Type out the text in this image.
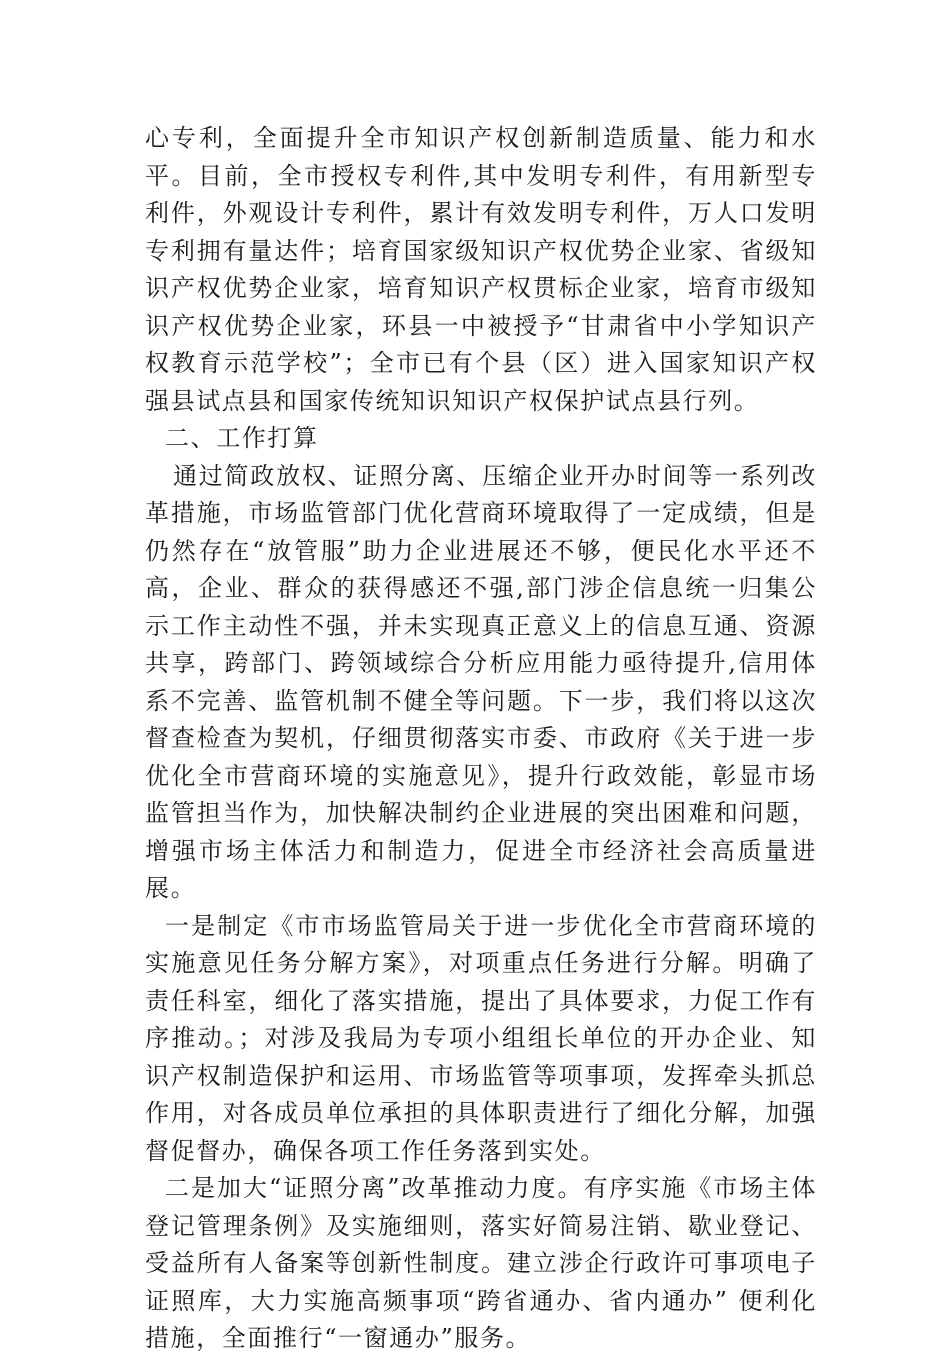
心专利，全面提升全市知识产权创新制造质量、能力和水平。目前，全市授权专利件,其中发明专利件，有用新型专利件，外观设计专利件，累计有效发明专利件，万人口发明专利拥有量达件；培育国家级知识产权优势企业家、省级知识产权优势企业家，培育知识产权贯标企业家，培育市级知识产权优势企业家，环县一中被授予“甘肃省中小学知识产权教育示范学校”；全市已有个县（区）进入国家知识产权强县试点县和国家传统知识知识产权保护试点县行列。

二、工作打算

通过简政放权、证照分离、压缩企业开办时间等一系列改革措施，市场监管部门优化营商环境取得了一定成绩，但是仍然存在“放管服”助力企业进展还不够，便民化水平还不高，企业、群众的获得感还不强,部门涉企信息统一归集公示工作主动性不强，并未实现真正意义上的信息互通、资源共享，跨部门、跨领域综合分析应用能力亟待提升,信用体系不完善、监管机制不健全等问题。下一步，我们将以这次督查检查为契机，仔细贯彻落实市委、市政府《关于进一步优化全市营商环境的实施意见》，提升行政效能，彰显市场监管担当作为，加快解决制约企业进展的突出困难和问题，增强市场主体活力和制造力，促进全市经济社会高质量进展。

一是制定《市市场监管局关于进一步优化全市营商环境的实施意见任务分解方案》，对项重点任务进行分解。明确了责任科室，细化了落实措施，提出了具体要求，力促工作有序推动。；对涉及我局为专项小组组长单位的开办企业、知识产权制造保护和运用、市场监管等项事项，发挥牵头抓总作用，对各成员单位承担的具体职责进行了细化分解，加强督促督办，确保各项工作任务落到实处。

二是加大“证照分离”改革推动力度。有序实施《市场主体登记管理条例》及实施细则，落实好简易注销、歇业登记、受益所有人备案等创新性制度。建立涉企行政许可事项电子证照库，大力实施高频事项“跨省通办、省内通办” 便利化措施，全面推行“一窗通办”服务。
